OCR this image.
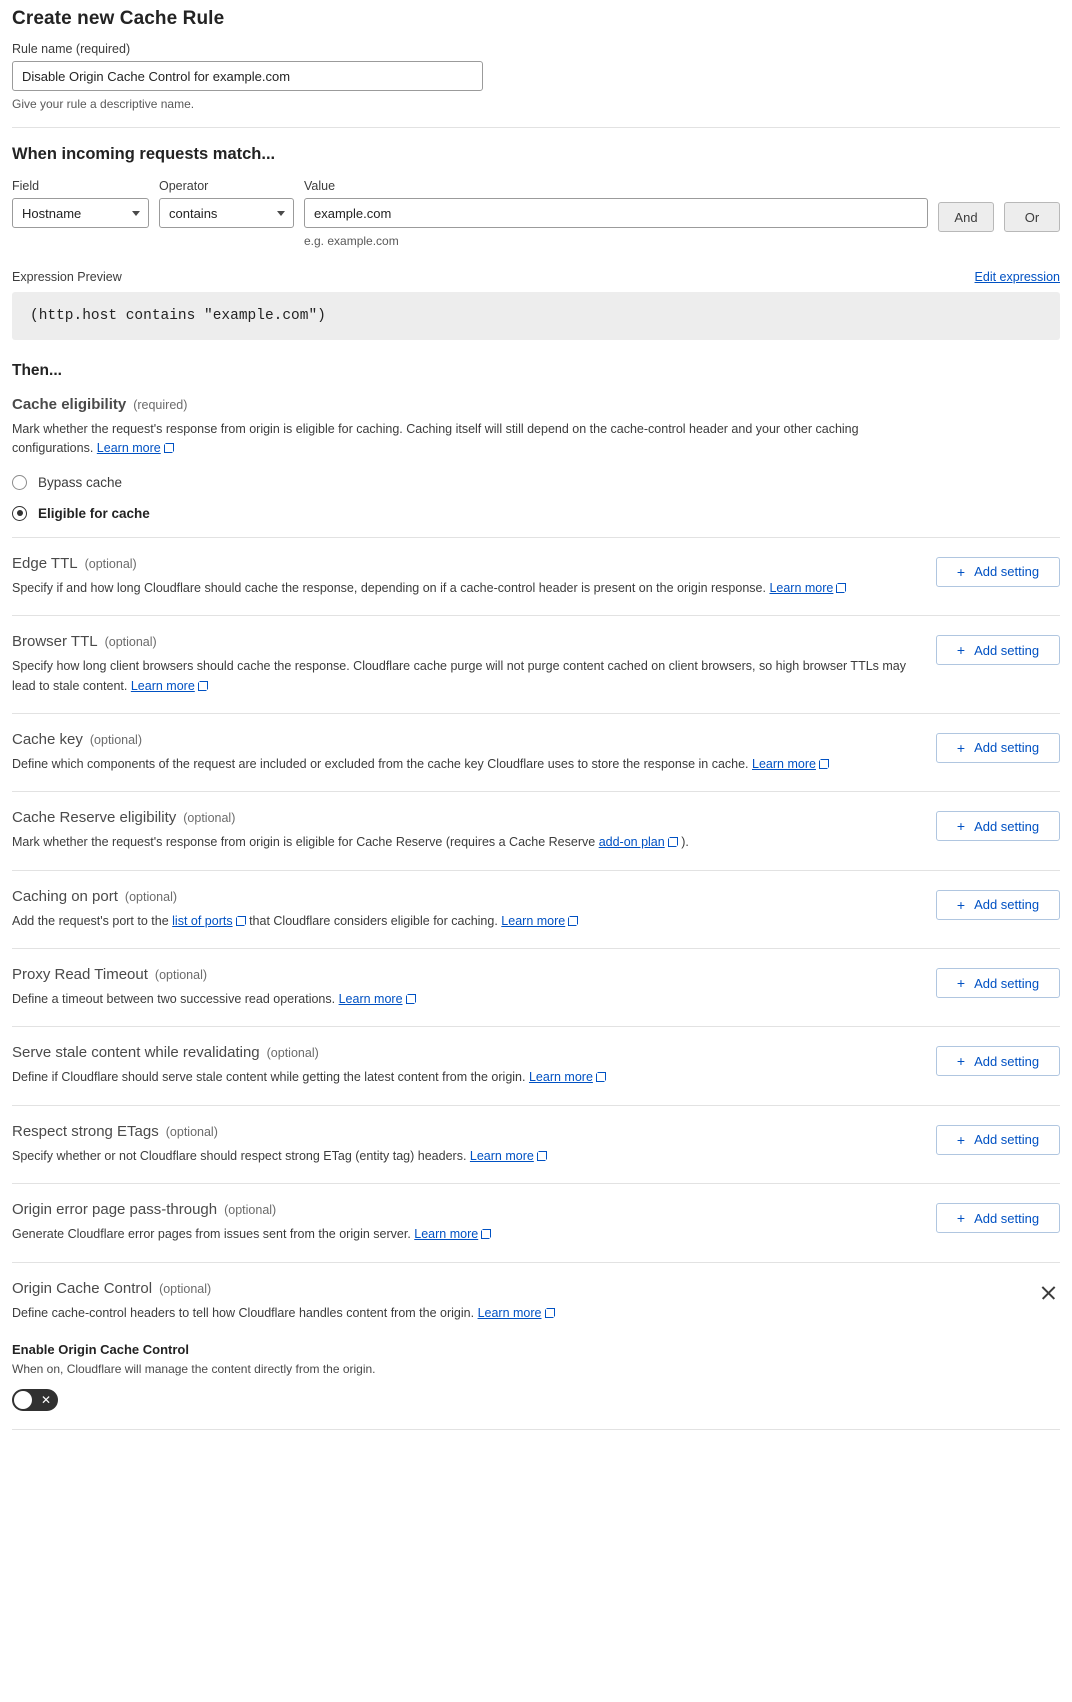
Create new Cache Rule
Rule name (required)
Disable Origin Cache Control for example.com
Give your rule a descriptive name.
When incoming requests match...
Field
Hostname
Operator
contains
Value
example.com
e.g. example.com
And	Or
Expression Preview	Edit expression
(http.host contains "example.com")
Then...
Cache eligibility (required)
Mark whether the request's response from origin is eligible for caching. Caching itself will still depend on the cache-control header and your other caching configurations. Learn more
Bypass cache
Eligible for cache
Edge TTL (optional)
Specify if and how long Cloudflare should cache the response, depending on if a cache-control header is present on the origin response. Learn more
+ Add setting
Browser TTL (optional)
Specify how long client browsers should cache the response. Cloudflare cache purge will not purge content cached on client browsers, so high browser TTLs may lead to stale content. Learn more
+ Add setting
Cache key (optional)
Define which components of the request are included or excluded from the cache key Cloudflare uses to store the response in cache. Learn more
+ Add setting
Cache Reserve eligibility (optional)
Mark whether the request's response from origin is eligible for Cache Reserve (requires a Cache Reserve add-on plan ).
+ Add setting
Caching on port (optional)
Add the request's port to the list of ports that Cloudflare considers eligible for caching. Learn more
+ Add setting
Proxy Read Timeout (optional)
Define a timeout between two successive read operations. Learn more
+ Add setting
Serve stale content while revalidating (optional)
Define if Cloudflare should serve stale content while getting the latest content from the origin. Learn more
+ Add setting
Respect strong ETags (optional)
Specify whether or not Cloudflare should respect strong ETag (entity tag) headers. Learn more
+ Add setting
Origin error page pass-through (optional)
Generate Cloudflare error pages from issues sent from the origin server. Learn more
+ Add setting
Origin Cache Control (optional)
Define cache-control headers to tell how Cloudflare handles content from the origin. Learn more
Enable Origin Cache Control
When on, Cloudflare will manage the content directly from the origin.
✕
